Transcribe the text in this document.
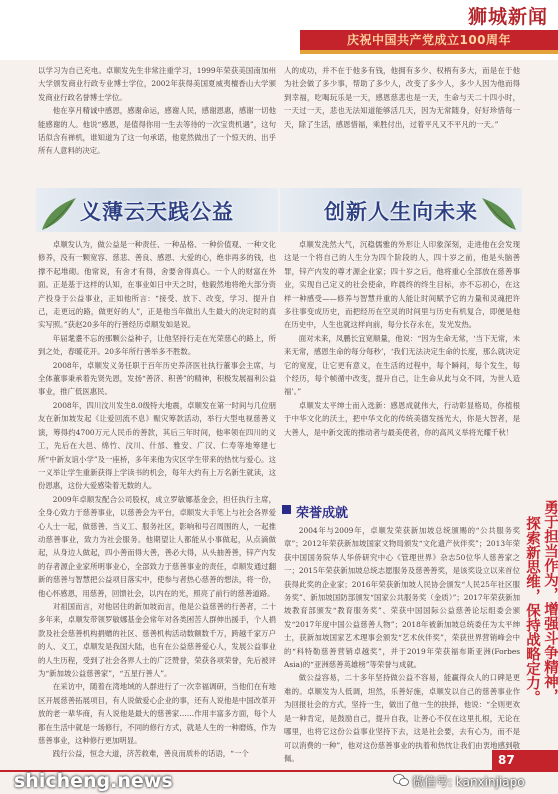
狮城新闻
庆祝中国共产党成立100周年

以学习为自己充电。卓顺发先生非常注重学习，1999年荣获美国南加州大学颁发商业行政专业博士学位，2002年获得美国夏威夷檀香山大学颁发商业行政名誉博士学位。

他在享月精诚中感恩，感谢命运，感谢人民，感谢恩惠，感谢一切他能感谢的人。他说“感恩，是值得你用一生去等待的一次宝贵机遇”，这句话似含有禅机，谁知道为了这一句承诺，他竟然做出了一个惊天的、出乎所有人意料的决定。

义薄云天践公益

卓顺发认为，做公益是一种责任、一种品格、一种价值观、一种文化修养，没有一颗宽容、慈悲、善良、感恩、大爱的心，绝非再多的钱，也撑不起堆砌。他常说，有舍才有得，舍要舍得真心。一个人的财富在外面。正是基于这样的认知，在事业如日中天之时，他毅然地将绝大部分资产投身于公益事业，正如他所言：“接受、放下、改变，学习、提升自己，走更远的路，做更好的人”，正是他当年做出人生最大的决定时的真实写照。”获赵20多年的行善经历卓顺发如是说。

年届耄耋不忘的那颗公益种子，让他坚持行走在光荣慈心的路上，所到之处，春暖花开。20多年所行善举多不胜数。

2008年，卓顺发义务任职于百年历史养济医社执行董事会主席，与全体董事秉承着先贤先恩，发扬“善济、积善”的精神，积极发展福利公益事业，推广低医惠民。

2008年，四川汶川发生8.0级特大地震，卓顺发在第一时间与几位朋友在新加坡发起《让爱回流不息》赈灾筹款活动，举行大型电视慈善义演，筹得约4700万元人民币的善款，其后三年时间，他率领在四川的义工，先后在大邑、绵竹、汶川、什邡、雅安、广汉、仁寿等地筹建七所“中新友谊小学”及一座桥，多年来他为灾区学生带来的热忱与爱心。这一义举让学生重新获得上学读书的机会，每年大约有上万名新生就读，这份恩惠，这份大爱感染着无数的人。

2009年卓顺发配合公司股权，成立罗敏娜基金会，担任执行主席，全身心致力于慈善事业，以慈善会为平台，卓顺发大手笔上与社会各界爱心人士一起，做慈善、当义工、服务社区，影响和号召周围的人，一起推动慈善事业，致力为社会服务。他期望让人都能从小事做起，从点滴做起，从身边人做起，四小善而得大善，善必大得，从头抽善善，锌产内发的存者源企业家所明事业心，全部致力于慈善事业的责任，卓顺发通过翻新的慈善与智慧把公益项目落实中，使参与者热心慈善的想法，将一份，他心怀感恩，用慈善，回馈社会，以内在的光，照亮了前行的慈善道路。

对祖国而言，对他居住的新加坡而言，他是公益慈善的行善者，二十多年来，卓顺发带领罗敏娜基金会常年对各类困苦人群伸出援手，个人捐款及社会慈善机构捐赠的社区、慈善机构活动数额数千万，跨越千家万户的人、义工，卓顺发是我国大陆，也有在公益慈善爱心人，发展公益事业的人生历程，受到了社会各界人士的广泛赞誉，荣获各项荣誉，先后被评为“新加坡公益慈善家”，“五星行善人”。

在采访中，随着在湾地域的人群进行了一次幸福调研，当他们在有地区开展慈善拓展项目，有人说做爱心企业的事，还有人说他是中国改革开放的老一辈华商，有人说他是最大的慈善家……作用丰富多方面，每个人都在生活中就是一场修行，不同的修行方式，就是人生的一种磨炼，作为慈善事业，这种修行更加明显。

践行公益，恒念大道，济苦救难，善良而质朴的话语，“一个

人的成功，并不在于他多有钱，他拥有多少、权柄有多大，而是在于他为社会做了多少事，帮助了多少人，改变了多少人，多少人因为他而得到幸福，吃喝玩乐是一天，感恩慈悲也是一天，生命与天二十四小时，一天过一天，悲也无法知道能够活几天，因为无常随身，好好珍惜每一天，除了生活，感恩惜福，乘胜付出，过着平凡又不平凡的一天。”

创新人生向未来

卓顺发洗然大气，沉稳儒雅的外形让人印象深刻，走进他在会发现这是一个将自己的人生分为四个阶段的人，四十岁之前，他是头脑善罪，锌产内发的尊才源企业家；四十岁之后，他将重心全部放在慈善事业，实现自己定义的社会使命，昨晨终的终生目标，亦不忘初心，在这样一种感受——修养与智慧并重的人能让时间赋予它的力量和灵魂把许多往事变成历史，而把经历在空灵的时间里与历史有机复合，即便是他在历史中，人生也就这样向前，每分长存永在，发光发热。

面对未来，凤鹏长宜宽顺量，他说：“因为生命无常，‘当下无常，未来无常，感恩生命的每分每秒’，‘我们无法决定生命的长度，那么就决定它的宽度，让它更有意义，在生活的过程中，每个瞬间，每个发生，每个经历，每个帧循中改变，提升自己，让生命从此与众不同，为世人造福’。”

卓顺发太平绅士而入选新：感恩成就伟大，行动彰显格局，你植根于中华文化的沃土，把中华文化的传统美德发扬光大，你是大智者，是大善人，是中新交流的推动者与最美使者，你的高风义举将光耀千秋！

荣誉成就

2004年与2009年，卓顺发荣获新加坡总统颁赐的“公共服务奖章”；2012年荣获新加坡国家文物局颁发“文化遗产伙伴奖”；2013年荣获中国国务院华人华侨研究中心《管理世界》杂志50位华人慈善家之一；2015年荣获新加坡总统志愿服务及慈善善奖，是该奖设立以来首位获得此奖的企业家；2016年荣获新加坡人民协会颁发“人民25年社区服务奖”、新加坡国防部颁发“国家公共服务奖（金质）”；2017年荣获新加坡教育部颁发“教育服务奖”、荣获中国国际公益慈善论坛组委会颁发“2017年度中国公益慈善人物”；2018年被新加坡总统委任为太平绅士，获新加坡国家艺术理事会颁发“艺术伙伴奖”，荣获世界营销峰会中的“科特勒慈善营销卓越奖”，并于2019年荣获福布斯亚洲(Forbes Asia)的“亚洲慈善英雄榜”等荣誉与成就。

做公益容易，二十多年坚持做公益不容易，能赢得众人的口碑是更难的。卓顺发为人低调，坦然，乐善好施，卓顺发以自己的慈善事业作为回报社会的方式，坚持一生，做出了他一生的抉择，他说：“全则更欢是一种肯定，是鼓励自己，提升自我，让善心不仅在这里扎根，无论在哪里，也将它这份公益事业坚持下去，这是社会要，去有心为，而不是可以消费的一种”，他对这份慈善事业的执着和热忱让我们由衷地感到敬佩。

勇于担当作为，增强斗争精神，
探索新思维，保持战略定力。
87
shicheng.news	微信号: kanxinjiapo
